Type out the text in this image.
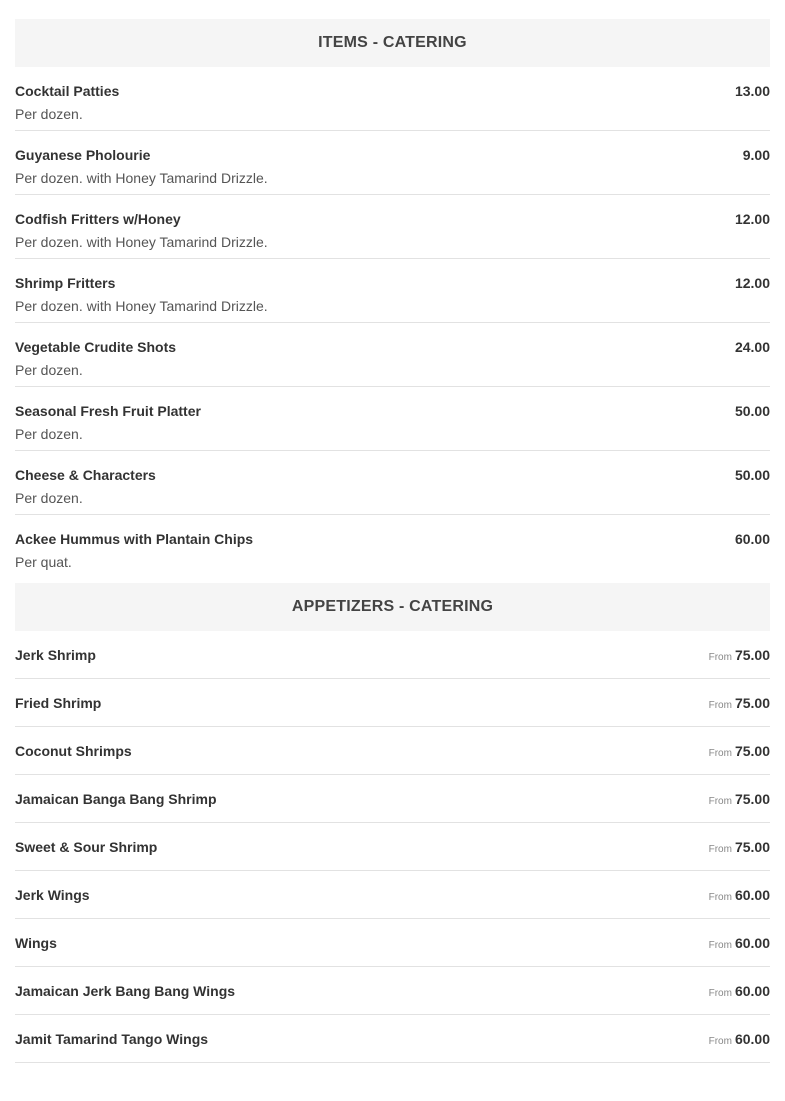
ITEMS - CATERING
Cocktail Patties
Per dozen.
13.00
Guyanese Pholourie
Per dozen. with Honey Tamarind Drizzle.
9.00
Codfish Fritters w/Honey
Per dozen. with Honey Tamarind Drizzle.
12.00
Shrimp Fritters
Per dozen. with Honey Tamarind Drizzle.
12.00
Vegetable Crudite Shots
Per dozen.
24.00
Seasonal Fresh Fruit Platter
Per dozen.
50.00
Cheese & Characters
Per dozen.
50.00
Ackee Hummus with Plantain Chips
Per quat.
60.00
APPETIZERS - CATERING
Jerk Shrimp	From 75.00
Fried Shrimp	From 75.00
Coconut Shrimps	From 75.00
Jamaican Banga Bang Shrimp	From 75.00
Sweet & Sour Shrimp	From 75.00
Jerk Wings	From 60.00
Wings	From 60.00
Jamaican Jerk Bang Bang Wings	From 60.00
Jamit Tamarind Tango Wings	From 60.00
